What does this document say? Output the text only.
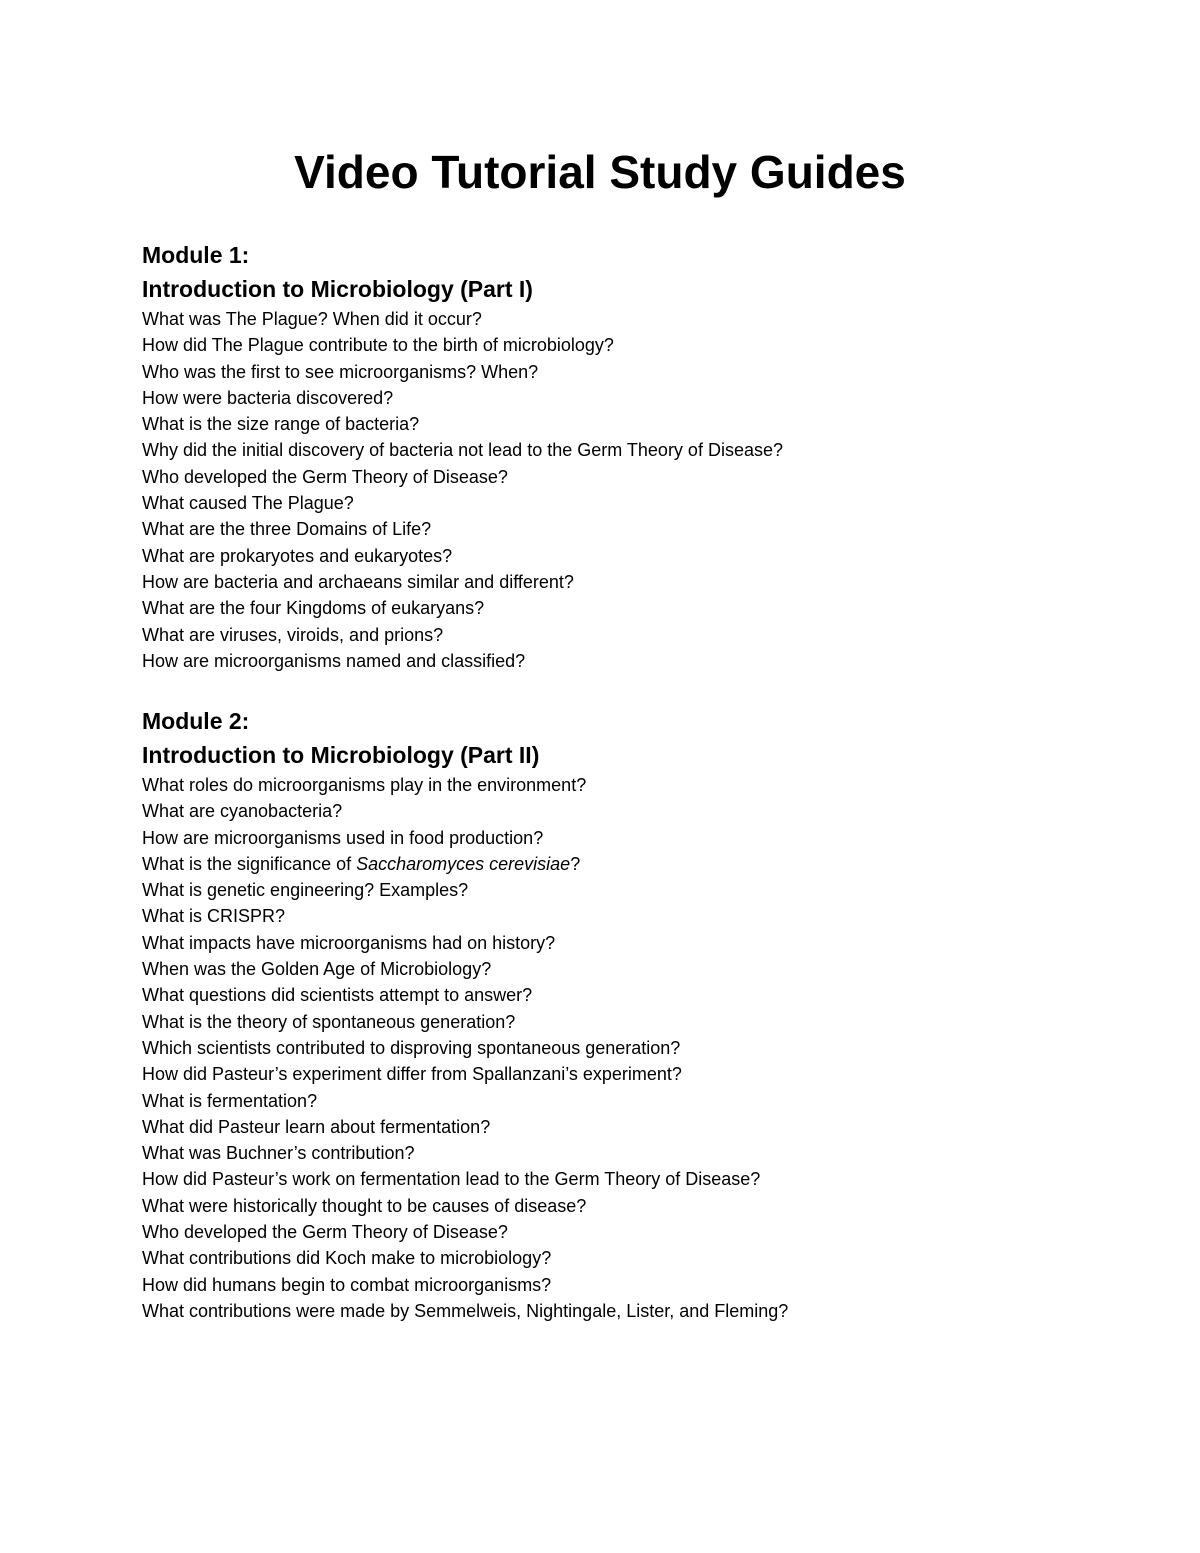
Video Tutorial Study Guides
Module 1:
Introduction to Microbiology (Part I)
What was The Plague? When did it occur?
How did The Plague contribute to the birth of microbiology?
Who was the first to see microorganisms? When?
How were bacteria discovered?
What is the size range of bacteria?
Why did the initial discovery of bacteria not lead to the Germ Theory of Disease?
Who developed the Germ Theory of Disease?
What caused The Plague?
What are the three Domains of Life?
What are prokaryotes and eukaryotes?
How are bacteria and archaeans similar and different?
What are the four Kingdoms of eukaryans?
What are viruses, viroids, and prions?
How are microorganisms named and classified?
Module 2:
Introduction to Microbiology (Part II)
What roles do microorganisms play in the environment?
What are cyanobacteria?
How are microorganisms used in food production?
What is the significance of Saccharomyces cerevisiae?
What is genetic engineering? Examples?
What is CRISPR?
What impacts have microorganisms had on history?
When was the Golden Age of Microbiology?
What questions did scientists attempt to answer?
What is the theory of spontaneous generation?
Which scientists contributed to disproving spontaneous generation?
How did Pasteur’s experiment differ from Spallanzani’s experiment?
What is fermentation?
What did Pasteur learn about fermentation?
What was Buchner’s contribution?
How did Pasteur’s work on fermentation lead to the Germ Theory of Disease?
What were historically thought to be causes of disease?
Who developed the Germ Theory of Disease?
What contributions did Koch make to microbiology?
How did humans begin to combat microorganisms?
What contributions were made by Semmelweis, Nightingale, Lister, and Fleming?
